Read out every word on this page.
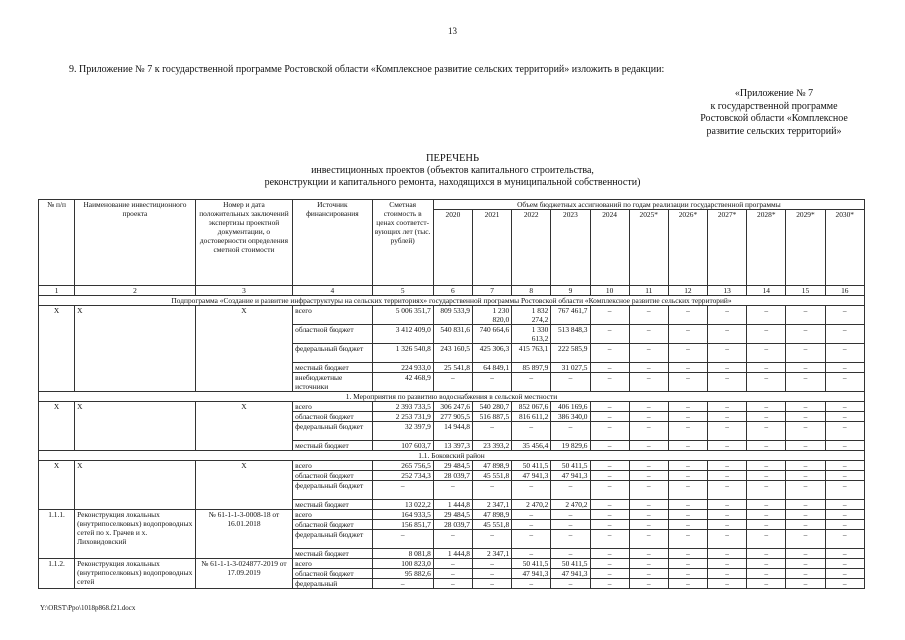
13
9. Приложение № 7 к государственной программе Ростовской области «Комплексное развитие сельских территорий» изложить в редакции:
«Приложение № 7
к государственной программе
Ростовской области «Комплексное
развитие сельских территорий»
ПЕРЕЧЕНЬ
инвестиционных проектов (объектов капитального строительства,
реконструкции и капитального ремонта, находящихся в муниципальной собственности)
№ п/п	Наименование инвестиционного проекта	Номер и дата положительных заключений экспертизы проектной документации, о достоверности определения сметной стоимости	Источник финансирования	Сметная стоимость в ценах соответст-вующих лет (тыс. рублей)	Объем бюджетных ассигнований по годам реализации государственной программы										
					2020	2021	2022	2023	2024	2025*	2026*	2027*	2028*	2029*	2030*
1	2	3	4	5	6	7	8	9	10	11	12	13	14	15	16
Подпрограмма «Создание и развитие инфраструктуры на сельских территориях» государственной программы Ростовской области «Комплексное развитие сельских территорий»															
Х	Х	Х	всего	5 006 351,7	809 533,9	1 230 820,0	1 832 274,2	767 461,7	–	–	–	–	–	–	–
			областной бюджет	3 412 409,0	540 831,6	740 664,6	1 330 613,2	513 848,3	–	–	–	–	–	–	–
			федеральный бюджет	1 326 540,8	243 160,5	425 306,3	415 763,1	222 585,9	–	–	–	–	–	–	–
			местный бюджет	224 933,0	25 541,8	64 849,1	85 897,9	31 027,5	–	–	–	–	–	–	–
			внебюджетные источники	42 468,9	–	–	–	–	–	–	–	–	–	–	–
1. Мероприятия по развитию водоснабжения в сельской местности															
Х	Х	Х	всего	2 393 733,5	306 247,6	540 280,7	852 067,6	406 169,6	–	–	–	–	–	–	–
			областной бюджет	2 253 731,9	277 905,5	516 887,5	816 611,2	386 340,0	–	–	–	–	–	–	–
			федеральный бюджет	32 397,9	14 944,8	–	–	–	–	–	–	–	–	–	–
			местный бюджет	107 603,7	13 397,3	23 393,2	35 456,4	19 829,6	–	–	–	–	–	–	–
1.1. Боковский район															
Х	Х	Х	всего	265 756,5	29 484,5	47 898,9	50 411,5	50 411,5	–	–	–	–	–	–	–
			областной бюджет	252 734,3	28 039,7	45 551,8	47 941,3	47 941,3	–	–	–	–	–	–	–
			федеральный бюджет	–	–	–	–	–	–	–	–	–	–	–	–
			местный бюджет	13 022,2	1 444,8	2 347,1	2 470,2	2 470,2	–	–	–	–	–	–	–
1.1.1.	Реконструкция локальных (внутрипоселковых) водопроводных сетей по х. Грачев и х. Лиховидовский	№ 61-1-1-3-0008-18 от 16.01.2018	всего	164 933,5	29 484,5	47 898,9	–	–	–	–	–	–	–	–	–
			областной бюджет	156 851,7	28 039,7	45 551,8	–	–	–	–	–	–	–	–	–
			федеральный бюджет	–	–	–	–	–	–	–	–	–	–	–	–
			местный бюджет	8 081,8	1 444,8	2 347,1	–	–	–	–	–	–	–	–	–
1.1.2.	Реконструкция локальных (внутрипоселковых) водопроводных сетей	№ 61-1-1-3-024877-2019 от 17.09.2019	всего	100 823,0	–	–	50 411,5	50 411,5	–	–	–	–	–	–	–
			областной бюджет	95 882,6	–	–	47 941,3	47 941,3	–	–	–	–	–	–	–
			федеральный	–	–	–	–	–	–	–	–	–	–	–	–
Y:\ORST\Ppo\1018p868.f21.docx
